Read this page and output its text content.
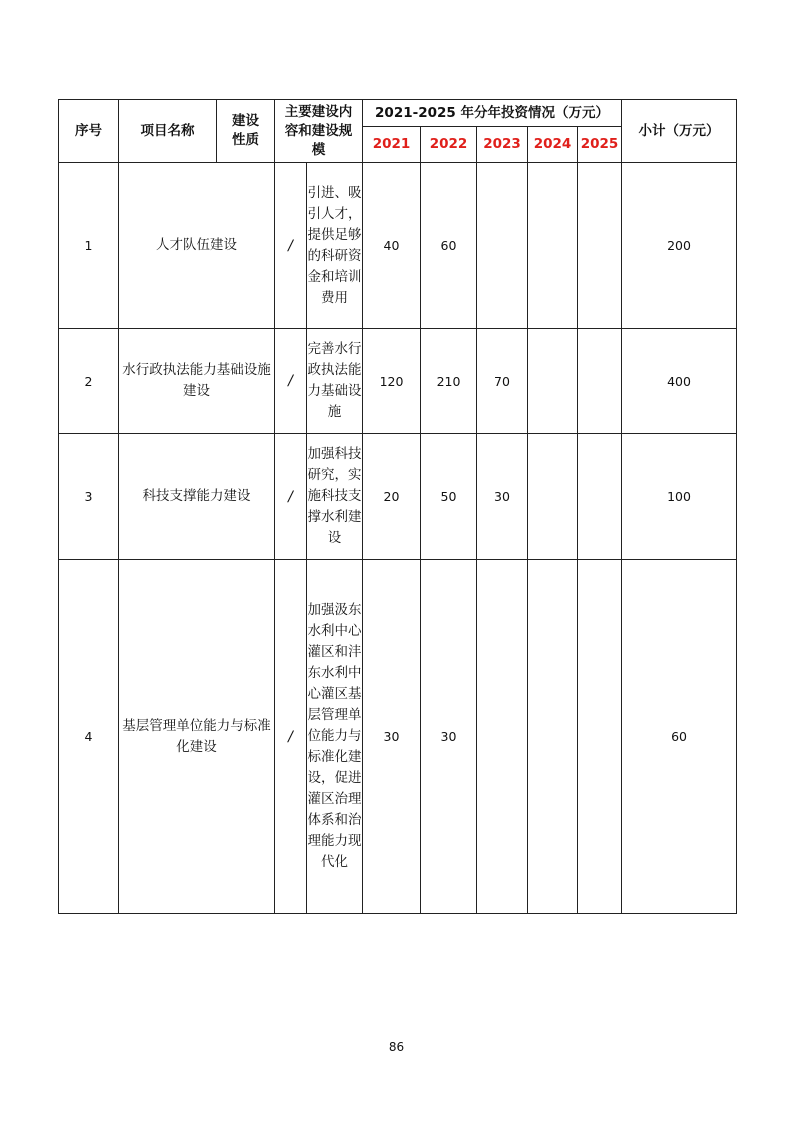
序号	项目名称	建设性质	主要建设内容和建设规模		2021-2025 年分年投资情况（万元）					小计（万元）
					2021	2022	2023	2024	2025	
1	人才队伍建设		/	引进、吸引人才，提供足够的科研资金和培训费用	40	60				200
2	水行政执法能力基础设施建设		/	完善水行政执法能力基础设施	120	210	70			400
3	科技支撑能力建设		/	加强科技研究，实施科技支撑水利建设	20	50	30			100
4	基层管理单位能力与标准化建设		/	加强汲东水利中心灌区和沣东水利中心灌区基层管理单位能力与标准化建设，促进灌区治理体系和治理能力现代化	30	30				60
86
